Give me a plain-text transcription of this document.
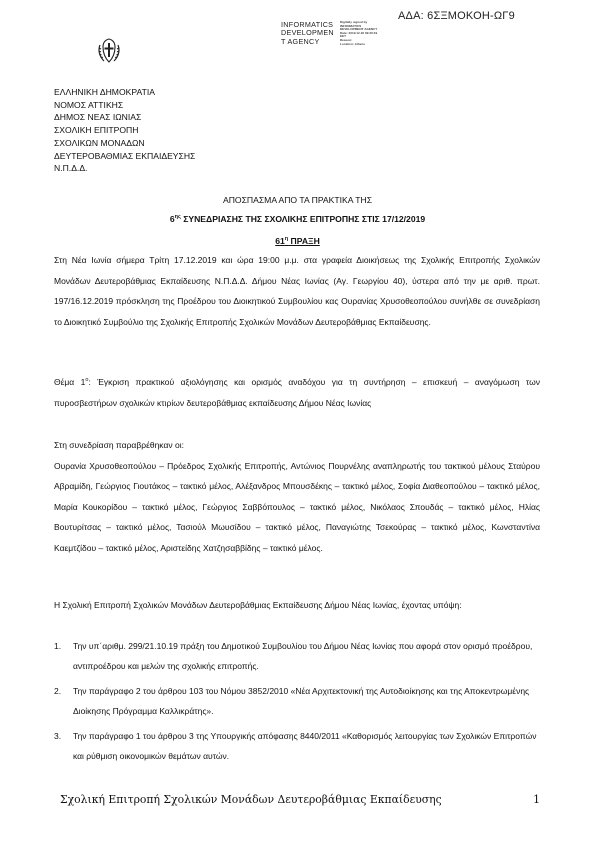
ΑΔΑ: 6ΣΞΜΟΚΟΗ-ΩΓ9
INFORMATICS
DEVELOPMEN
T AGENCY
Digitally signed by
INFORMATICS
DEVELOPMENT AGENCY
Date: 2019.12.18 09:26:19
EET
Reason:
Location: Athens
ΕΛΛΗΝΙΚΗ ΔΗΜΟΚΡΑΤΙΑ
ΝΟΜΟΣ ΑΤΤΙΚΗΣ
ΔΗΜΟΣ ΝΕΑΣ ΙΩΝΙΑΣ
ΣΧΟΛΙΚΗ ΕΠΙΤΡΟΠΗ
ΣΧΟΛΙΚΩΝ ΜΟΝΑΔΩΝ
ΔΕΥΤΕΡΟΒΑΘΜΙΑΣ ΕΚΠΑΙΔΕΥΣΗΣ
Ν.Π.Δ.Δ.
ΑΠΟΣΠΑΣΜΑ ΑΠΟ ΤΑ ΠΡΑΚΤΙΚΑ ΤΗΣ
$6^{\eta\varsigma}$ ΣΥΝΕΔΡΙΑΣΗΣ ΤΗΣ ΣΧΟΛΙΚΗΣ ΕΠΙΤΡΟΠΗΣ ΣΤΙΣ 17/12/2019
$61^\eta$ ΠΡΑΞΗ
Στη Νέα Ιωνία σήμερα Τρίτη 17.12.2019 και ώρα 19:00 μ.μ. στα γραφεία Διοικήσεως της Σχολικής Επιτροπής Σχολικών Μονάδων Δευτεροβάθμιας Εκπαίδευσης Ν.Π.Δ.Δ. Δήμου Νέας Ιωνίας (Αγ. Γεωργίου 40), ύστερα από την με αριθ. πρωτ. 197/16.12.2019 πρόσκληση της Προέδρου του Διοικητικού Συμβουλίου κας Ουρανίας Χρυσοθεοπούλου συνήλθε σε συνεδρίαση το Διοικητικό Συμβούλιο της Σχολικής Επιτροπής Σχολικών Μονάδων Δευτεροβάθμιας Εκπαίδευσης.
Θέμα $1^o$: Έγκριση πρακτικού αξιολόγησης και ορισμός αναδόχου για τη συντήρηση – επισκευή – αναγόμωση των πυροσβεστήρων σχολικών κτιρίων δευτεροβάθμιας εκπαίδευσης Δήμου Νέας Ιωνίας
Στη συνεδρίαση παραβρέθηκαν οι:
Ουρανία Χρυσοθεοπούλου – Πρόεδρος Σχολικής Επιτροπής, Αντώνιος Πουρνέλης αναπληρωτής του τακτικού μέλους Σταύρου Αβραμίδη, Γεώργιος Γιουτάκος – τακτικό μέλος, Αλέξανδρος Μπουσδέκης – τακτικό μέλος, Σοφία Διαθεοπούλου – τακτικό μέλος, Μαρία Κουκορίδου – τακτικό μέλος, Γεώργιος Σαββόπουλος – τακτικό μέλος, Νικόλαος Σπουδάς – τακτικό μέλος, Ηλίας Βουτυρίτσας – τακτικό μέλος, Τασιούλ Μωυσίδου – τακτικό μέλος, Παναγιώτης Τσεκούρας – τακτικό μέλος, Κωνσταντίνα Καεμτζίδου – τακτικό μέλος, Αριστείδης Χατζησαββίδης – τακτικό μέλος.
Η Σχολική Επιτροπή Σχολικών Μονάδων Δευτεροβάθμιας Εκπαίδευσης Δήμου Νέας Ιωνίας, έχοντας υπόψη:
1.	Την υπ΄αριθμ. 299/21.10.19 πράξη του Δημοτικού Συμβουλίου του Δήμου Νέας Ιωνίας που αφορά στον ορισμό προέδρου, αντιπροέδρου και μελών της σχολικής επιτροπής.
2.	Την παράγραφο 2 του άρθρου 103 του Νόμου 3852/2010 «Νέα Αρχιτεκτονική της Αυτοδιοίκησης και της Αποκεντρωμένης Διοίκησης Πρόγραμμα Καλλικράτης».
3.	Την παράγραφο 1 του άρθρου 3 της Υπουργικής απόφασης 8440/2011 «Καθορισμός λειτουργίας των Σχολικών Επιτροπών και ρύθμιση οικονομικών θεμάτων αυτών.
Σχολική Επιτροπή Σχολικών Μονάδων Δευτεροβάθμιας Εκπαίδευσης	1
